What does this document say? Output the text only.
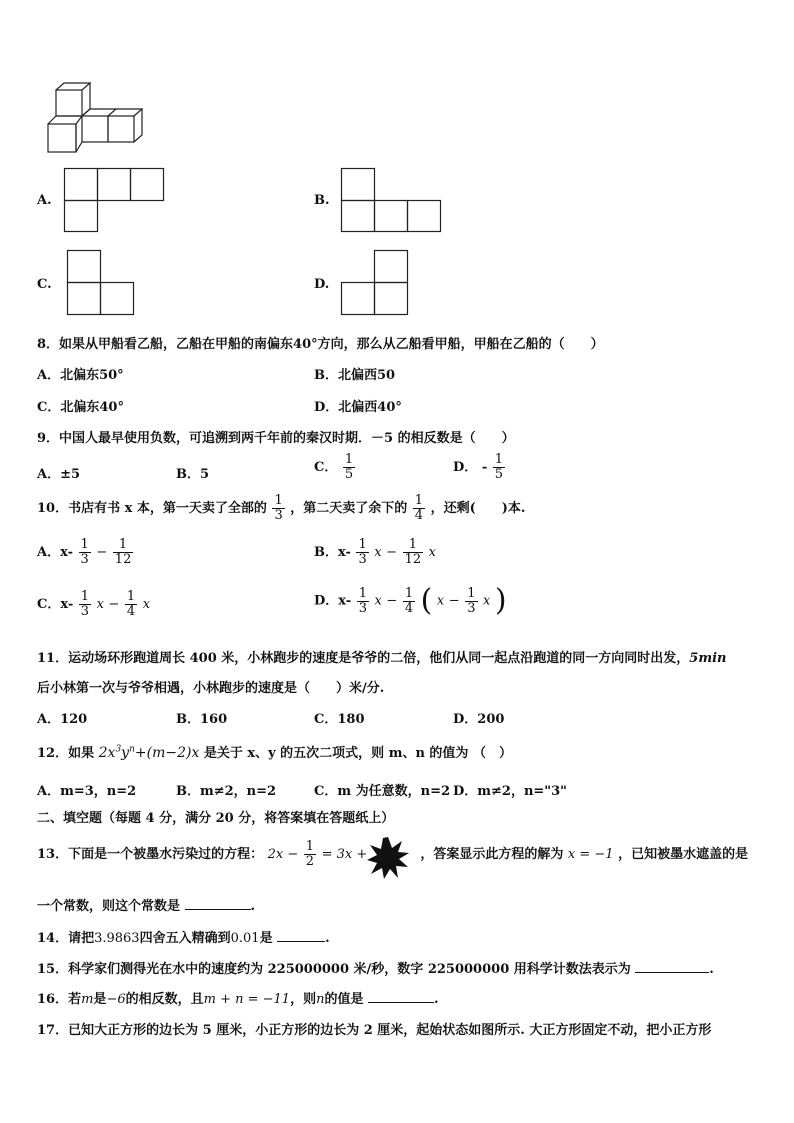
A.	B.
C.	D.
8．如果从甲船看乙船，乙船在甲船的南偏东40°方向，那么从乙船看甲船，甲船在乙船的（　　）
A．北偏东50°	B．北偏西50
C．北偏东40°	D．北偏西40°
9．中国人最早使用负数，可追溯到两千年前的秦汉时期．－5 的相反数是（　　）
A．±5	B．5	C． $\frac{1}{5}$	D． - $\frac{1}{5}$
10．书店有书 x 本，第一天卖了全部的 $\frac{1}{3}$ ，第二天卖了余下的 $\frac{1}{4}$ ，还剩(　　)本.
A．$x- \frac{1}{3} - \frac{1}{12}$	B．$x- \frac{1}{3}$ $x - \frac{1}{12}$ x
C．$x- \frac{1}{3}$ $x - \frac{1}{4}$ x	D．$x- \frac{1}{3}$ $x - \frac{1}{4}$ ( $x - \frac{1}{3}$ x )
11．运动场环形跑道周长 400 米，小林跑步的速度是爷爷的二倍，他们从同一起点沿跑道的同一方向同时出发，5min
后小林第一次与爷爷相遇，小林跑步的速度是（　　）米/分.
A．120	B．160	C．180	D．200
12．如果 $2x^3y^n+(m-2)x$ 是关于 x、y 的五次二项式，则 m、n 的值为 （　）
A．m=3，n=2	B．m≠2，n=2	C．m 为任意数，n=2 D．m≠2，n="3"
二、填空题（每题 4 分，满分 20 分，将答案填在答题纸上）
13．下面是一个被墨水污染过的方程： $2x - \frac{1}{2} = 3x$ +	，答案显示此方程的解为 x = −1 ，已知被墨水遮盖的是
一个常数，则这个常数是	.
14．请把3.9863四舍五入精确到0.01是	.
15．科学家们测得光在水中的速度约为 225000000 米/秒，数字 225000000 用科学计数法表示为	.
16．若m是−6的相反数，且m + n = −11，则n的值是	.
17．已知大正方形的边长为 5 厘米，小正方形的边长为 2 厘米，起始状态如图所示. 大正方形固定不动，把小正方形
